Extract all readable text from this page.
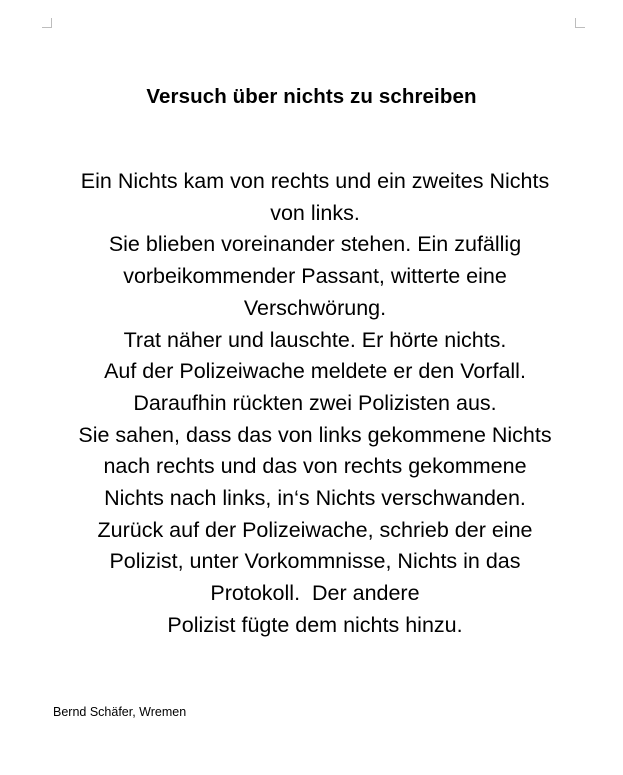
Versuch über nichts zu schreiben
Ein Nichts kam von rechts und ein zweites Nichts
von links.
Sie blieben voreinander stehen. Ein zufällig
vorbeikommender Passant, witterte eine
Verschwörung.
Trat näher und lauschte. Er hörte nichts.
Auf der Polizeiwache meldete er den Vorfall.
Daraufhin rückten zwei Polizisten aus.
Sie sahen, dass das von links gekommene Nichts
nach rechts und das von rechts gekommene
Nichts nach links, in‘s Nichts verschwanden.
Zurück auf der Polizeiwache, schrieb der eine
Polizist, unter Vorkommnisse, Nichts in das
Protokoll.  Der andere
Polizist fügte dem nichts hinzu.
Bernd Schäfer, Wremen
